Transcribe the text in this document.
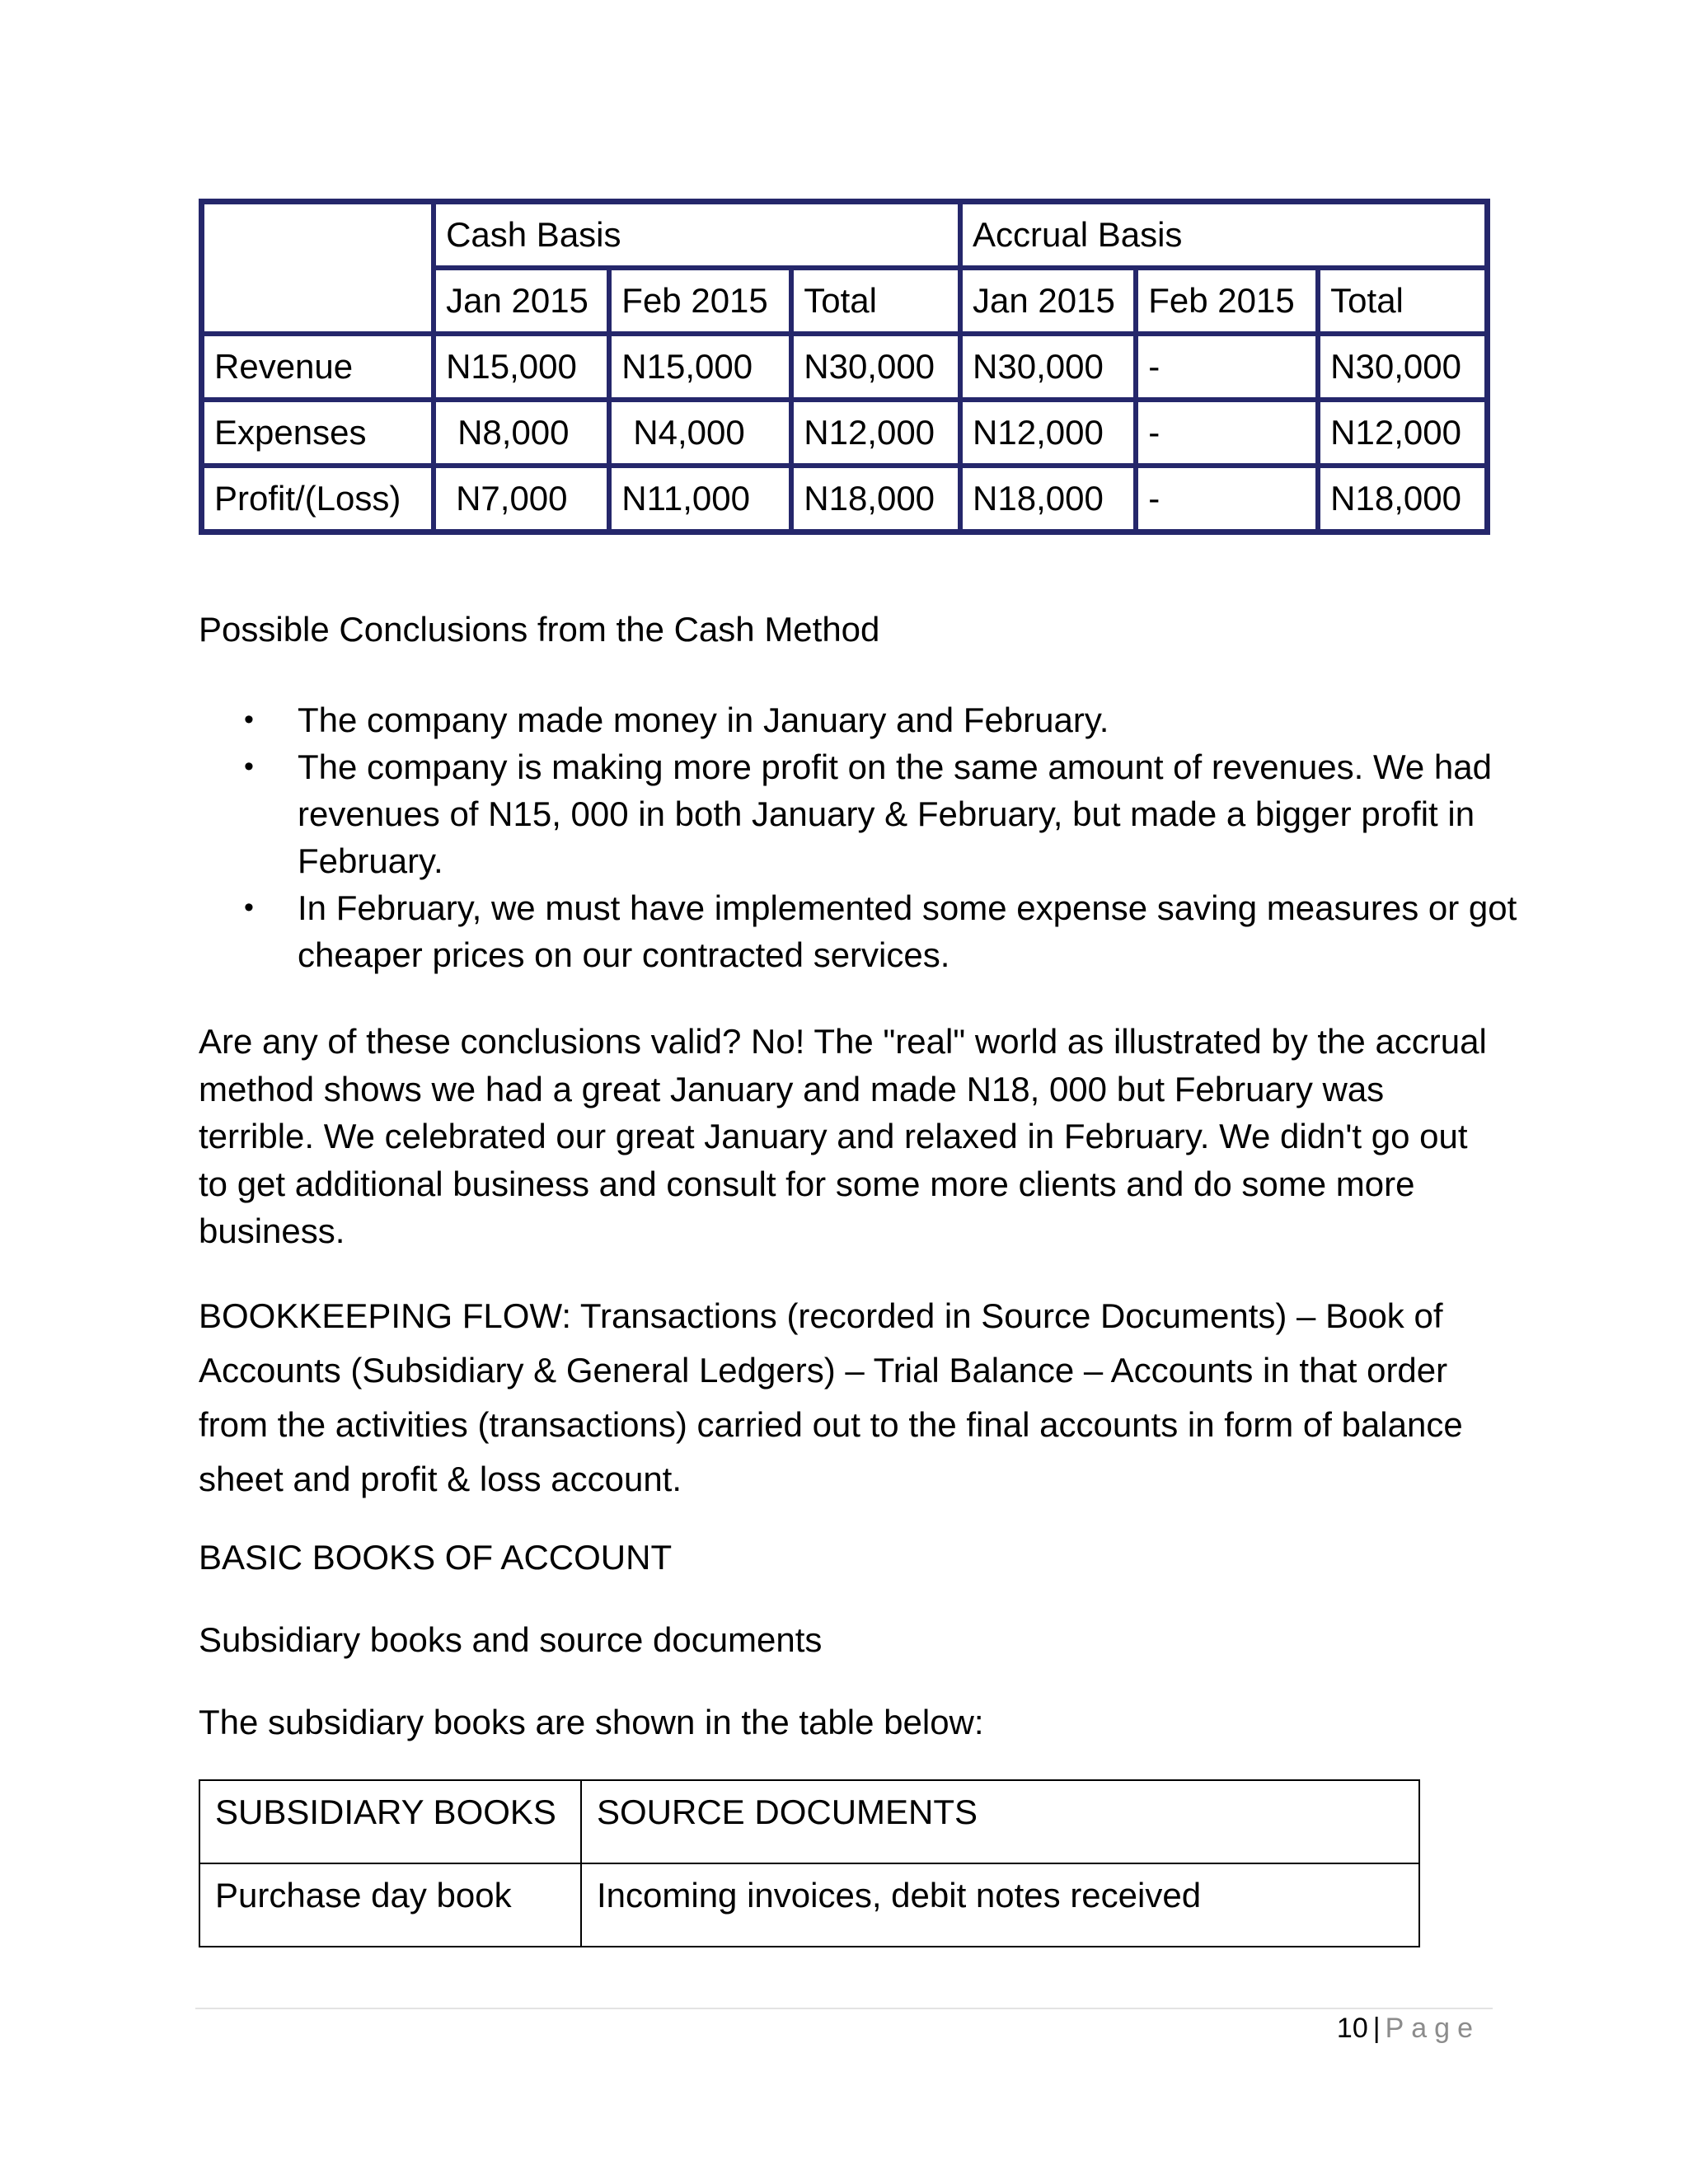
	Cash Basis			Accrual Basis		
	Jan 2015	Feb 2015	Total	Jan 2015	Feb 2015	Total
Revenue	N15,000	N15,000	N30,000	N30,000	-	N30,000
Expenses	N8,000	N4,000	N12,000	N12,000	-	N12,000
Profit/(Loss)	N7,000	N11,000	N18,000	N18,000	-	N18,000
Possible Conclusions from the Cash Method
• The company made money in January and February.
• The company is making more profit on the same amount of revenues. We had revenues of N15, 000 in both January & February, but made a bigger profit in February.
• In February, we must have implemented some expense saving measures or got cheaper prices on our contracted services.

Are any of these conclusions valid? No! The "real" world as illustrated by the accrual method shows we had a great January and made N18, 000 but February was terrible. We celebrated our great January and relaxed in February. We didn't go out to get additional business and consult for some more clients and do some more business.

BOOKKEEPING FLOW: Transactions (recorded in Source Documents) – Book of Accounts (Subsidiary & General Ledgers) – Trial Balance – Accounts in that order from the activities (transactions) carried out to the final accounts in form of balance sheet and profit & loss account.

BASIC BOOKS OF ACCOUNT
Subsidiary books and source documents
The subsidiary books are shown in the table below:
SUBSIDIARY BOOKS	SOURCE DOCUMENTS
Purchase day book	Incoming invoices, debit notes received
10 | Page
